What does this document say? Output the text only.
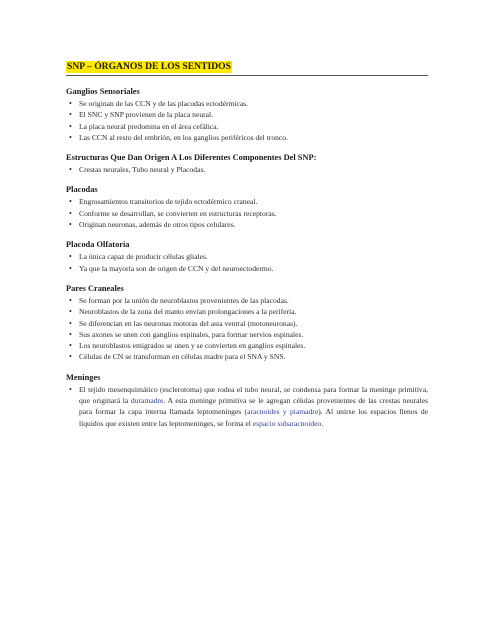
SNP – ÓRGANOS DE LOS SENTIDOS
Ganglios Sensoriales
• Se originan de las CCN y de las placodas ectodérmicas.
• El SNC y SNP provienen de la placa neural.
• La placa neural predomina en el área cefálica.
• Las CCN al resto del embrión, en los ganglios periféricos del tronco.
Estructuras Que Dan Origen A Los Diferentes Componentes Del SNP:
• Crestas neurales, Tubo neural y Placodas.
Placodas
• Engrosamientos transitorios de tejido ectodérmico craneal.
• Conforme se desarrollan, se convierten en estructuras receptoras.
• Originan neuronas, además de otros tipos celulares.
Placoda Olfatoria
• La única capaz de producir células gliales.
• Ya que la mayoría son de origen de CCN y del neuroectodermo.
Pares Craneales
• Se forman por la unión de neuroblastos provenientes de las placodas.
• Neuroblastos de la zona del manto envían prolongaciones a la periferia.
• Se diferencian en las neuronas motoras del asta ventral (motoneuronas).
• Sus axones se unen con ganglios espinales, para formar nervios espinales.
• Los neuroblastos emigrados se unen y se convierten en ganglios espinales.
• Células de CN se transforman en células madre para el SNA y SNS.
Meninges
• El tejido mesenquimático (esclerotoma) que rodea el tubo neural, se condensa para formar la meninge primitiva, que originará la duramadre. A esta meninge primitiva se le agregan células provenientes de las crestas neurales para formar la capa interna llamada leptomeninges (aracnoides y piamadre). Al unirse los espacios llenos de líquidos que existen entre las leptomeninges, se forma el espacio subaracnoideo.
